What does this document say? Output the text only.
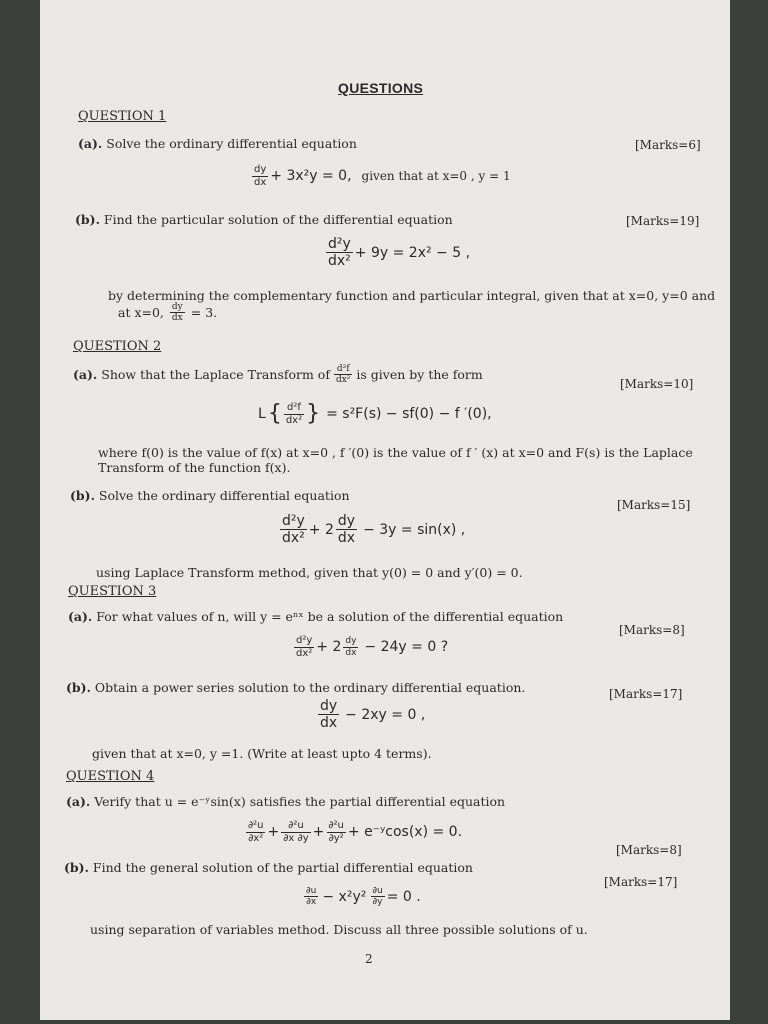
QUESTIONS
QUESTION 1
(a). Solve the ordinary differential equation	[Marks=6]
$\frac{dy}{dx} + 3x^2y = 0$, given that at x=0 , y = 1
(b). Find the particular solution of the differential equation	[Marks=19]
$\frac{\text{d²y}}{\text{dx²}} + 9y = 2x^2 - 5$ ,
by determining the complementary function and particular integral, given that at x=0, y=0 and
at x=0, $\frac{dy}{dx} = 3$.
QUESTION 2
(a).
Show that the Laplace Transform of $\frac{\text{d²f}}{\text{dx²}}$ is given by the form
[Marks=10]
L { $\frac{\text{d²f}}{\text{dx²}}$ } = s²F(s) − sf(0) − f ′(0),
where f(0) is the value of f(x) at x=0 , f ′(0) is the value of f ′ (x) at x=0 and F(s) is the Laplace
Transform of the function f(x).
(b). Solve the ordinary differential equation
[Marks=15]
$\frac{\text{d²y}}{\text{dx²}} + 2 \frac{dy}{dx} - 3y = \sin(x)$ ,
using Laplace Transform method, given that y(0) = 0 and y′(0) = 0.
QUESTION 3
(a). For what values of n, will y = eⁿˣ be a solution of the differential equation
[Marks=8]
$\frac{\text{d²y}}{\text{dx²}} + 2 \frac{dy}{dx} - 24y = 0$ ?
(b). Obtain a power series solution to the ordinary differential equation.	[Marks=17]
$\frac{dy}{dx} - 2xy = 0$ ,
given that at x=0, y =1. (Write at least upto 4 terms).
QUESTION 4
(a). Verify that u = e⁻ʸsin(x) satisfies the partial differential equation
$\frac{\text{∂²u}}{\text{∂x²}} + \frac{\text{∂²u}}{\partial x \partial y} + \frac{\text{∂²u}}{\text{∂y²}}$ + e⁻ʸcos(x) = 0.
[Marks=8]
(b). Find the general solution of the partial differential equation
[Marks=17]
$\frac{\partial u}{\partial x} - x^2y^2 \frac{\partial u}{\partial y} = 0$ .
using separation of variables method. Discuss all three possible solutions of u.
2
